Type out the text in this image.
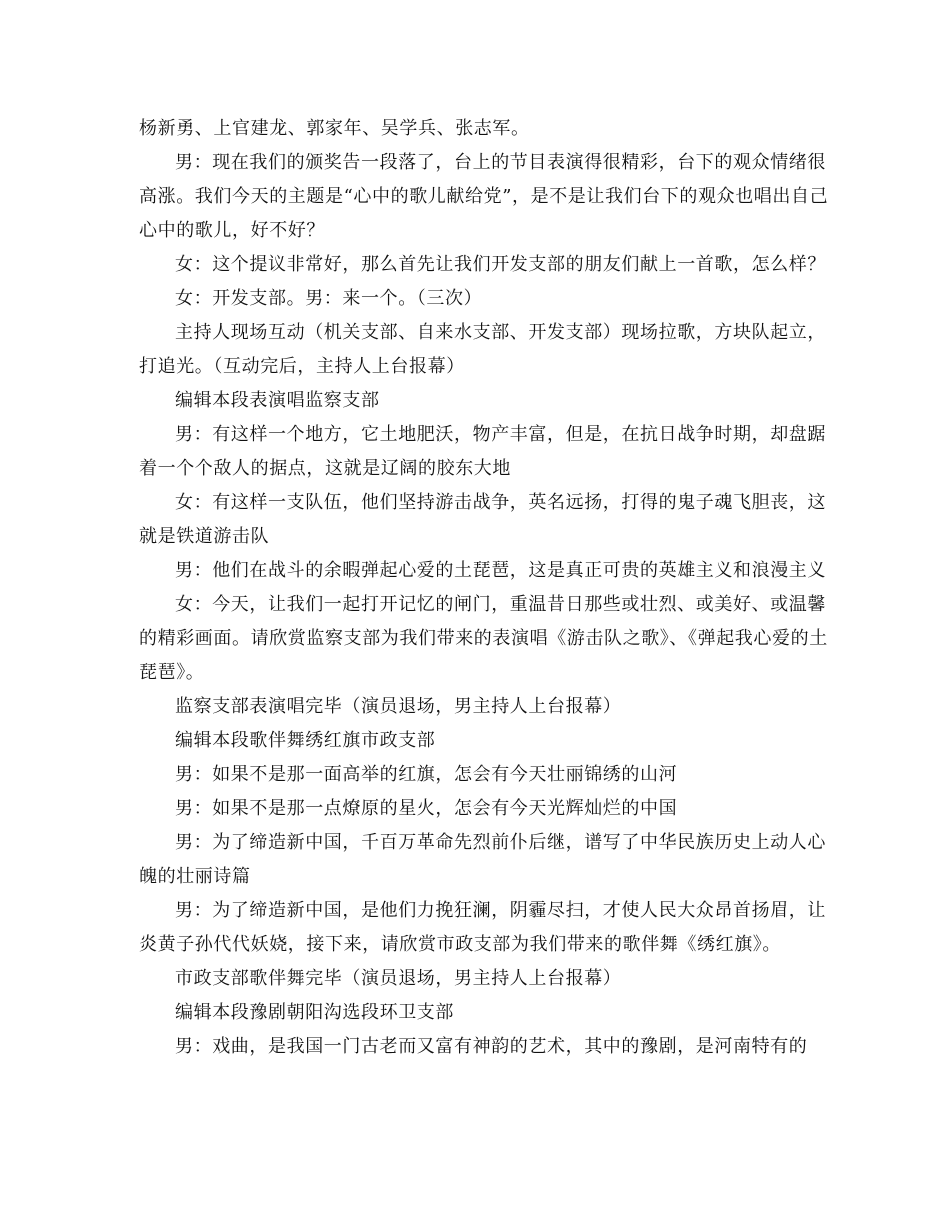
杨新勇、上官建龙、郭家年、吴学兵、张志军。

男：现在我们的颁奖告一段落了，台上的节目表演得很精彩，台下的观众情绪很高涨。我们今天的主题是“心中的歌儿献给党”，是不是让我们台下的观众也唱出自己心中的歌儿，好不好？

女：这个提议非常好，那么首先让我们开发支部的朋友们献上一首歌，怎么样？

女：开发支部。男：来一个。（三次）

主持人现场互动（机关支部、自来水支部、开发支部）现场拉歌，方块队起立，打追光。（互动完后，主持人上台报幕）

编辑本段表演唱监察支部

男：有这样一个地方，它土地肥沃，物产丰富，但是，在抗日战争时期，却盘踞着一个个敌人的据点，这就是辽阔的胶东大地

女：有这样一支队伍，他们坚持游击战争，英名远扬，打得的鬼子魂飞胆丧，这就是铁道游击队

男：他们在战斗的余暇弹起心爱的土琵琶，这是真正可贵的英雄主义和浪漫主义

女：今天，让我们一起打开记忆的闸门，重温昔日那些或壮烈、或美好、或温馨的精彩画面。请欣赏监察支部为我们带来的表演唱《游击队之歌》、《弹起我心爱的土琵琶》。

监察支部表演唱完毕（演员退场，男主持人上台报幕）

编辑本段歌伴舞绣红旗市政支部

男：如果不是那一面高举的红旗，怎会有今天壮丽锦绣的山河

男：如果不是那一点燎原的星火，怎会有今天光辉灿烂的中国

男：为了缔造新中国，千百万革命先烈前仆后继，谱写了中华民族历史上动人心魄的壮丽诗篇

男：为了缔造新中国，是他们力挽狂澜，阴霾尽扫，才使人民大众昂首扬眉，让炎黄子孙代代妖娆，接下来，请欣赏市政支部为我们带来的歌伴舞《绣红旗》。

市政支部歌伴舞完毕（演员退场，男主持人上台报幕）

编辑本段豫剧朝阳沟选段环卫支部

男：戏曲，是我国一门古老而又富有神韵的艺术，其中的豫剧，是河南特有的
